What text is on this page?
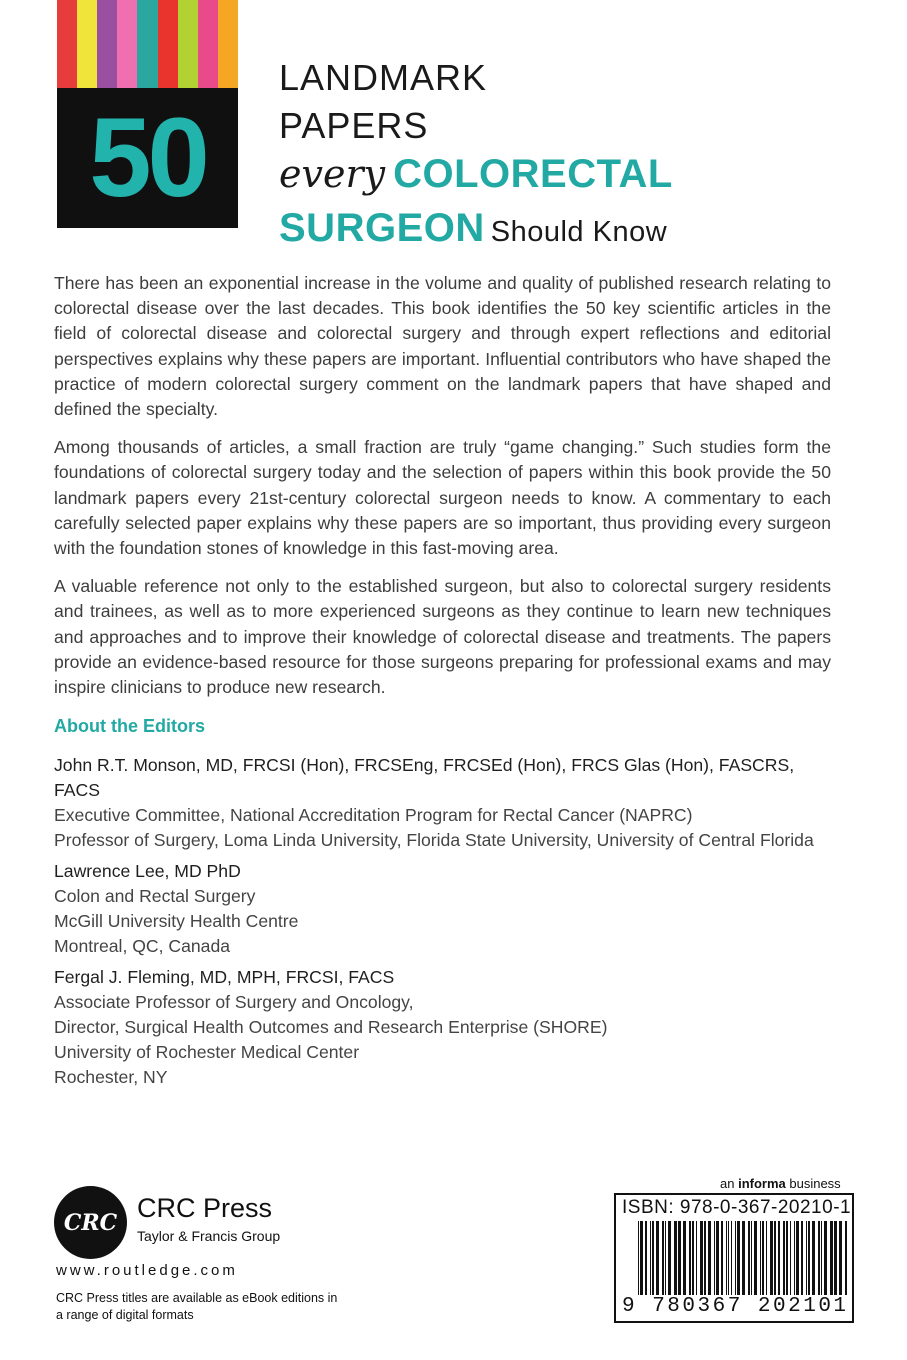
50
LANDMARK
PAPERS
every COLORECTAL
SURGEON Should Know

There has been an exponential increase in the volume and quality of published research relating to colorectal disease over the last decades. This book identifies the 50 key scientific articles in the field of colorectal disease and colorectal surgery and through expert reflections and editorial perspectives explains why these papers are important. Influential contributors who have shaped the practice of modern colorectal surgery comment on the landmark papers that have shaped and defined the specialty.

Among thousands of articles, a small fraction are truly “game changing.” Such studies form the foundations of colorectal surgery today and the selection of papers within this book provide the 50 landmark papers every 21st-century colorectal surgeon needs to know. A commentary to each carefully selected paper explains why these papers are so important, thus providing every surgeon with the foundation stones of knowledge in this fast-moving area.

A valuable reference not only to the established surgeon, but also to colorectal surgery residents and trainees, as well as to more experienced surgeons as they continue to learn new techniques and approaches and to improve their knowledge of colorectal disease and treatments. The papers provide an evidence-based resource for those surgeons preparing for professional exams and may inspire clinicians to produce new research.

About the Editors
John R.T. Monson, MD, FRCSI (Hon), FRCSEng, FRCSEd (Hon), FRCS Glas (Hon), FASCRS, FACS
Executive Committee, National Accreditation Program for Rectal Cancer (NAPRC)
Professor of Surgery, Loma Linda University, Florida State University, University of Central Florida
Lawrence Lee, MD PhD
Colon and Rectal Surgery
McGill University Health Centre
Montreal, QC, Canada
Fergal J. Fleming, MD, MPH, FRCSI, FACS
Associate Professor of Surgery and Oncology,
Director, Surgical Health Outcomes and Research Enterprise (SHORE)
University of Rochester Medical Center
Rochester, NY
CRC CRC Press
Taylor & Francis Group
www.routledge.com
CRC Press titles are available as eBook editions in a range of digital formats
an informa business
ISBN: 978-0-367-20210-1
9 780367 202101
